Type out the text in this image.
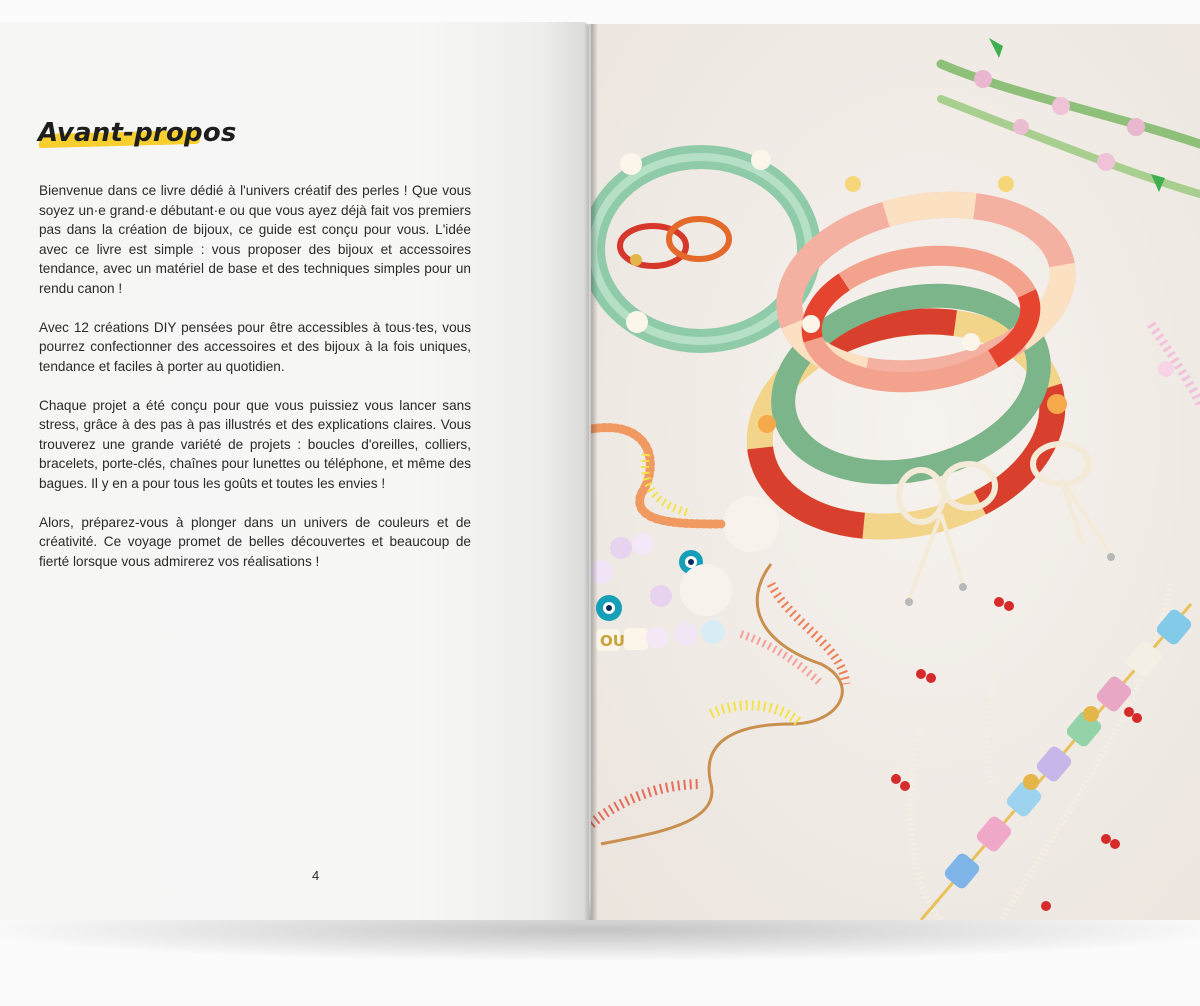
Avant-propos

Bienvenue dans ce livre dédié à l'univers créatif des perles ! Que vous soyez un·e grand·e débutant·e ou que vous ayez déjà fait vos premiers pas dans la création de bijoux, ce guide est conçu pour vous. L'idée avec ce livre est simple : vous proposer des bijoux et accessoires tendance, avec un matériel de base et des techniques simples pour un rendu canon !

Avec 12 créations DIY pensées pour être accessibles à tous·tes, vous pourrez confectionner des accessoires et des bijoux à la fois uniques, tendance et faciles à porter au quotidien.

Chaque projet a été conçu pour que vous puissiez vous lancer sans stress, grâce à des pas à pas illustrés et des explications claires. Vous trouverez une grande variété de projets : boucles d'oreilles, colliers, bracelets, porte-clés, chaînes pour lunettes ou téléphone, et même des bagues. Il y en a pour tous les goûts et toutes les envies !

Alors, préparez-vous à plonger dans un univers de couleurs et de créativité. Ce voyage promet de belles découvertes et beaucoup de fierté lorsque vous admirerez vos réalisations !

4
OU
